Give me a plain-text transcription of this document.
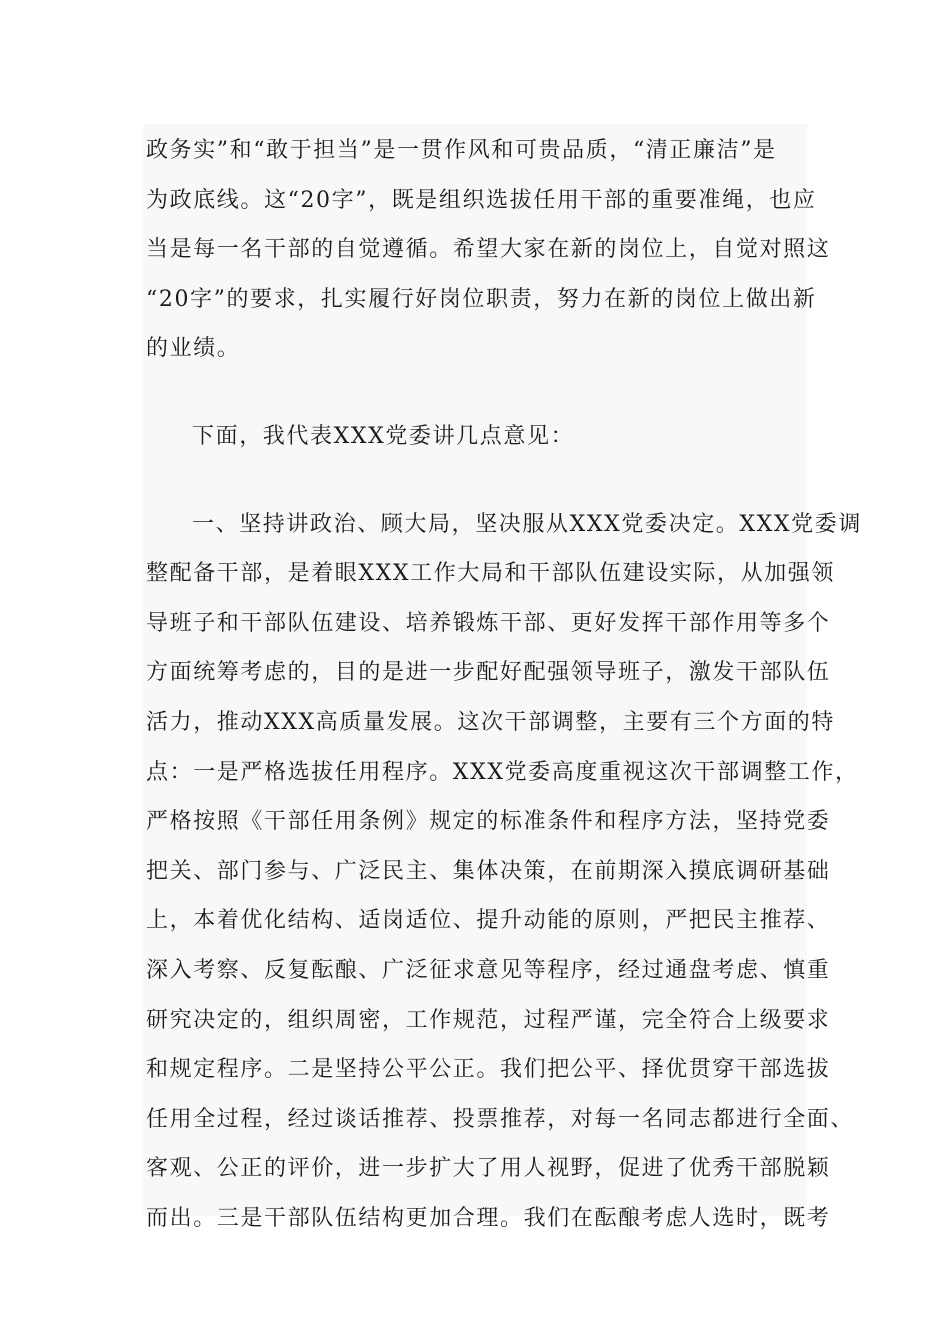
政务实”和“敢于担当”是一贯作风和可贵品质，“清正廉洁”是
为政底线。这“20字”，既是组织选拔任用干部的重要准绳，也应
当是每一名干部的自觉遵循。希望大家在新的岗位上，自觉对照这
“20字”的要求，扎实履行好岗位职责，努力在新的岗位上做出新
的业绩。
下面，我代表XXX党委讲几点意见：
一、坚持讲政治、顾大局，坚决服从XXX党委决定。XXX党委调
整配备干部，是着眼XXX工作大局和干部队伍建设实际，从加强领
导班子和干部队伍建设、培养锻炼干部、更好发挥干部作用等多个
方面统筹考虑的，目的是进一步配好配强领导班子，激发干部队伍
活力，推动XXX高质量发展。这次干部调整，主要有三个方面的特
点：一是严格选拔任用程序。XXX党委高度重视这次干部调整工作，
严格按照《干部任用条例》规定的标准条件和程序方法，坚持党委
把关、部门参与、广泛民主、集体决策，在前期深入摸底调研基础
上，本着优化结构、适岗适位、提升动能的原则，严把民主推荐、
深入考察、反复酝酿、广泛征求意见等程序，经过通盘考虑、慎重
研究决定的，组织周密，工作规范，过程严谨，完全符合上级要求
和规定程序。二是坚持公平公正。我们把公平、择优贯穿干部选拔
任用全过程，经过谈话推荐、投票推荐，对每一名同志都进行全面、
客观、公正的评价，进一步扩大了用人视野，促进了优秀干部脱颖
而出。三是干部队伍结构更加合理。我们在酝酿考虑人选时，既考
